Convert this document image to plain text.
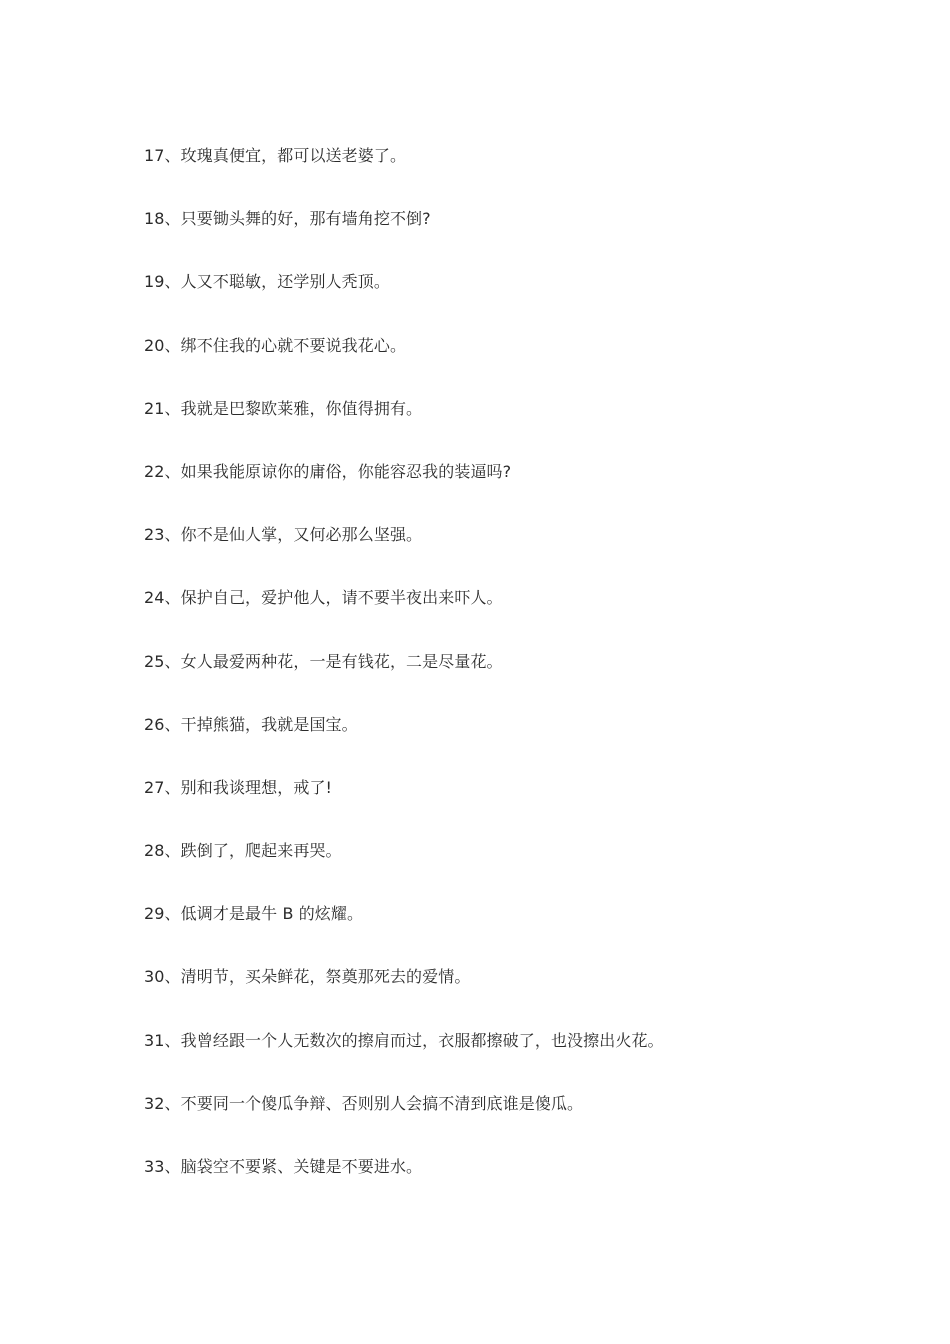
17、玫瑰真便宜，都可以送老婆了。
18、只要锄头舞的好，那有墙角挖不倒?
19、人又不聪敏，还学别人秃顶。
20、绑不住我的心就不要说我花心。
21、我就是巴黎欧莱雅，你值得拥有。
22、如果我能原谅你的庸俗，你能容忍我的装逼吗?
23、你不是仙人掌，又何必那么坚强。
24、保护自己，爱护他人，请不要半夜出来吓人。
25、女人最爱两种花，一是有钱花，二是尽量花。
26、干掉熊猫，我就是国宝。
27、别和我谈理想，戒了!
28、跌倒了，爬起来再哭。
29、低调才是最牛 B 的炫耀。
30、清明节，买朵鲜花，祭奠那死去的爱情。
31、我曾经跟一个人无数次的擦肩而过，衣服都擦破了，也没擦出火花。
32、不要同一个傻瓜争辩、否则别人会搞不清到底谁是傻瓜。
33、脑袋空不要紧、关键是不要进水。
